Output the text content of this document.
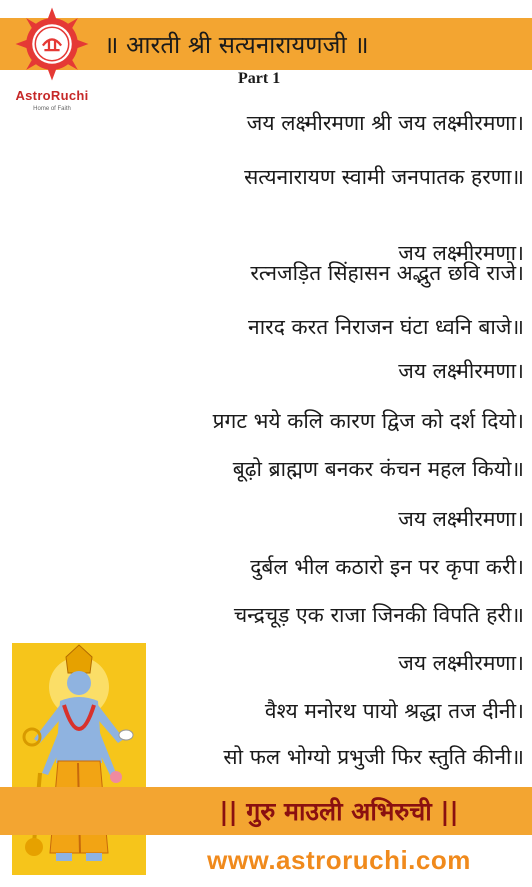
॥ आरती श्री सत्यनारायणजी ॥
AstroRuchi
Home of Faith
Part 1
जय लक्ष्मीरमणा श्री जय लक्ष्मीरमणा।
सत्यनारायण स्वामी जनपातक हरणा॥
जय लक्ष्मीरमणा।
रत्नजड़ित सिंहासन अद्भुत छवि राजे।
नारद करत निराजन घंटा ध्वनि बाजे॥
जय लक्ष्मीरमणा।
प्रगट भये कलि कारण द्विज को दर्श दियो।
बूढ़ो ब्राह्मण बनकर कंचन महल कियो॥
जय लक्ष्मीरमणा।
दुर्बल भील कठारो इन पर कृपा करी।
चन्द्रचूड़ एक राजा जिनकी विपति हरी॥
जय लक्ष्मीरमणा।
वैश्य मनोरथ पायो श्रद्धा तज दीनी।
सो फल भोग्यो प्रभुजी फिर स्तुति कीनी॥
|| गुरु माउली अभिरुची ||
www.astroruchi.com
